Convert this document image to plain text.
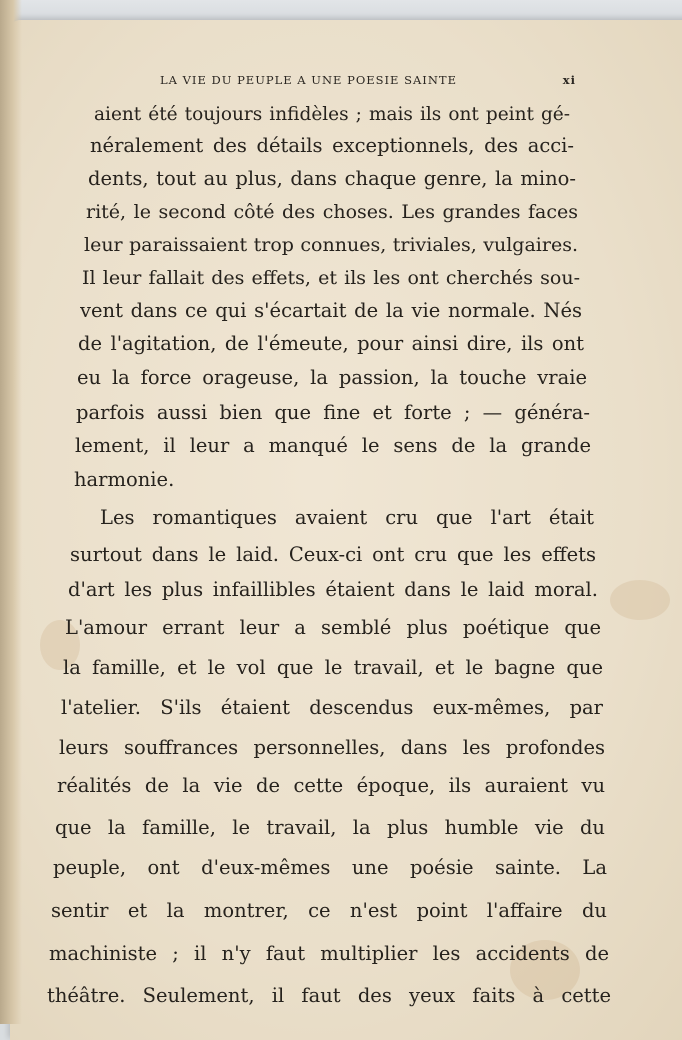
LA VIE DU PEUPLE A UNE POESIE SAINTE	xi
aient été toujours infidèles ; mais ils ont peint gé-
néralement des détails exceptionnels, des acci-
dents, tout au plus, dans chaque genre, la mino-
rité, le second côté des choses. Les grandes faces
leur paraissaient trop connues, triviales, vulgaires.
Il leur fallait des effets, et ils les ont cherchés sou-
vent dans ce qui s'écartait de la vie normale. Nés
de l'agitation, de l'émeute, pour ainsi dire, ils ont
eu la force orageuse, la passion, la touche vraie
parfois aussi bien que fine et forte ; — généra-
lement, il leur a manqué le sens de la grande
harmonie.
Les romantiques avaient cru que l'art était
surtout dans le laid. Ceux-ci ont cru que les effets
d'art les plus infaillibles étaient dans le laid moral.
L'amour errant leur a semblé plus poétique que
la famille, et le vol que le travail, et le bagne que
l'atelier. S'ils étaient descendus eux-mêmes, par
leurs souffrances personnelles, dans les profondes
réalités de la vie de cette époque, ils auraient vu
que la famille, le travail, la plus humble vie du
peuple, ont d'eux-mêmes une poésie sainte. La
sentir et la montrer, ce n'est point l'affaire du
machiniste ; il n'y faut multiplier les accidents de
théâtre. Seulement, il faut des yeux faits à cette
